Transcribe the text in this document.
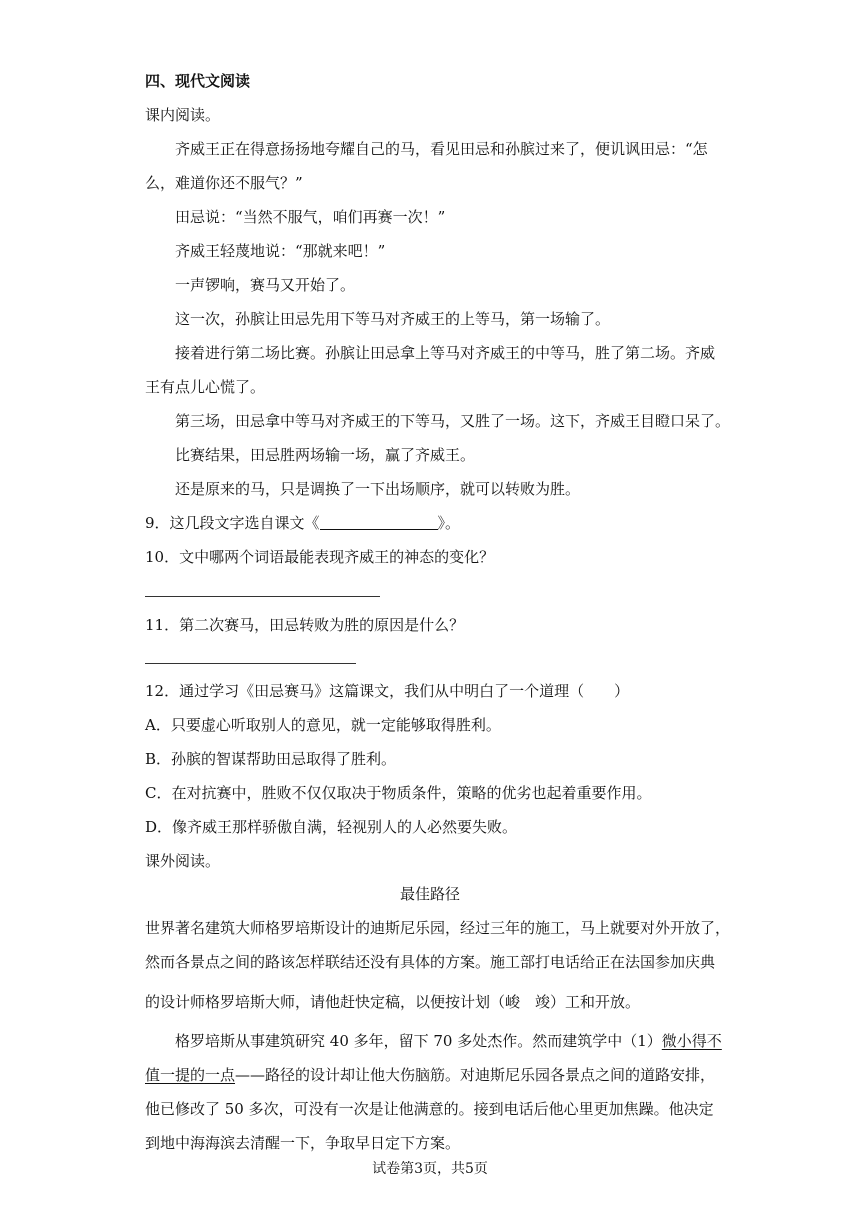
四、现代文阅读
课内阅读。
齐威王正在得意扬扬地夸耀自己的马，看见田忌和孙膑过来了，便讥讽田忌：“怎么，难道你还不服气？”
田忌说：“当然不服气，咱们再赛一次！”
齐威王轻蔑地说：“那就来吧！”
一声锣响，赛马又开始了。
这一次，孙膑让田忌先用下等马对齐威王的上等马，第一场输了。
接着进行第二场比赛。孙膑让田忌拿上等马对齐威王的中等马，胜了第二场。齐威王有点儿心慌了。
第三场，田忌拿中等马对齐威王的下等马，又胜了一场。这下，齐威王目瞪口呆了。
比赛结果，田忌胜两场输一场，赢了齐威王。
还是原来的马，只是调换了一下出场顺序，就可以转败为胜。
9．这几段文字选自课文《	》。
10．文中哪两个词语最能表现齐威王的神态的变化？
11．第二次赛马，田忌转败为胜的原因是什么？
12．通过学习《田忌赛马》这篇课文，我们从中明白了一个道理（　　）
A．只要虚心听取别人的意见，就一定能够取得胜利。
B．孙膑的智谋帮助田忌取得了胜利。
C．在对抗赛中，胜败不仅仅取决于物质条件，策略的优劣也起着重要作用。
D．像齐威王那样骄傲自满，轻视别人的人必然要失败。
课外阅读。
最佳路径
世界著名建筑大师格罗培斯设计的迪斯尼乐园，经过三年的施工，马上就要对外开放了，
然而各景点之间的路该怎样联结还没有具体的方案。施工部打电话给正在法国参加庆典
的设计师格罗培斯大师，请他赶快定稿，以便按计划（峻　竣）工和开放。
格罗培斯从事建筑研究 40 多年，留下 70 多处杰作。然而建筑学中（1）微小得不
值一提的一点——路径的设计却让他大伤脑筋。对迪斯尼乐园各景点之间的道路安排，
他已修改了 50 多次，可没有一次是让他满意的。接到电话后他心里更加焦躁。他决定
到地中海海滨去清醒一下，争取早日定下方案。
试卷第3页，共5页
